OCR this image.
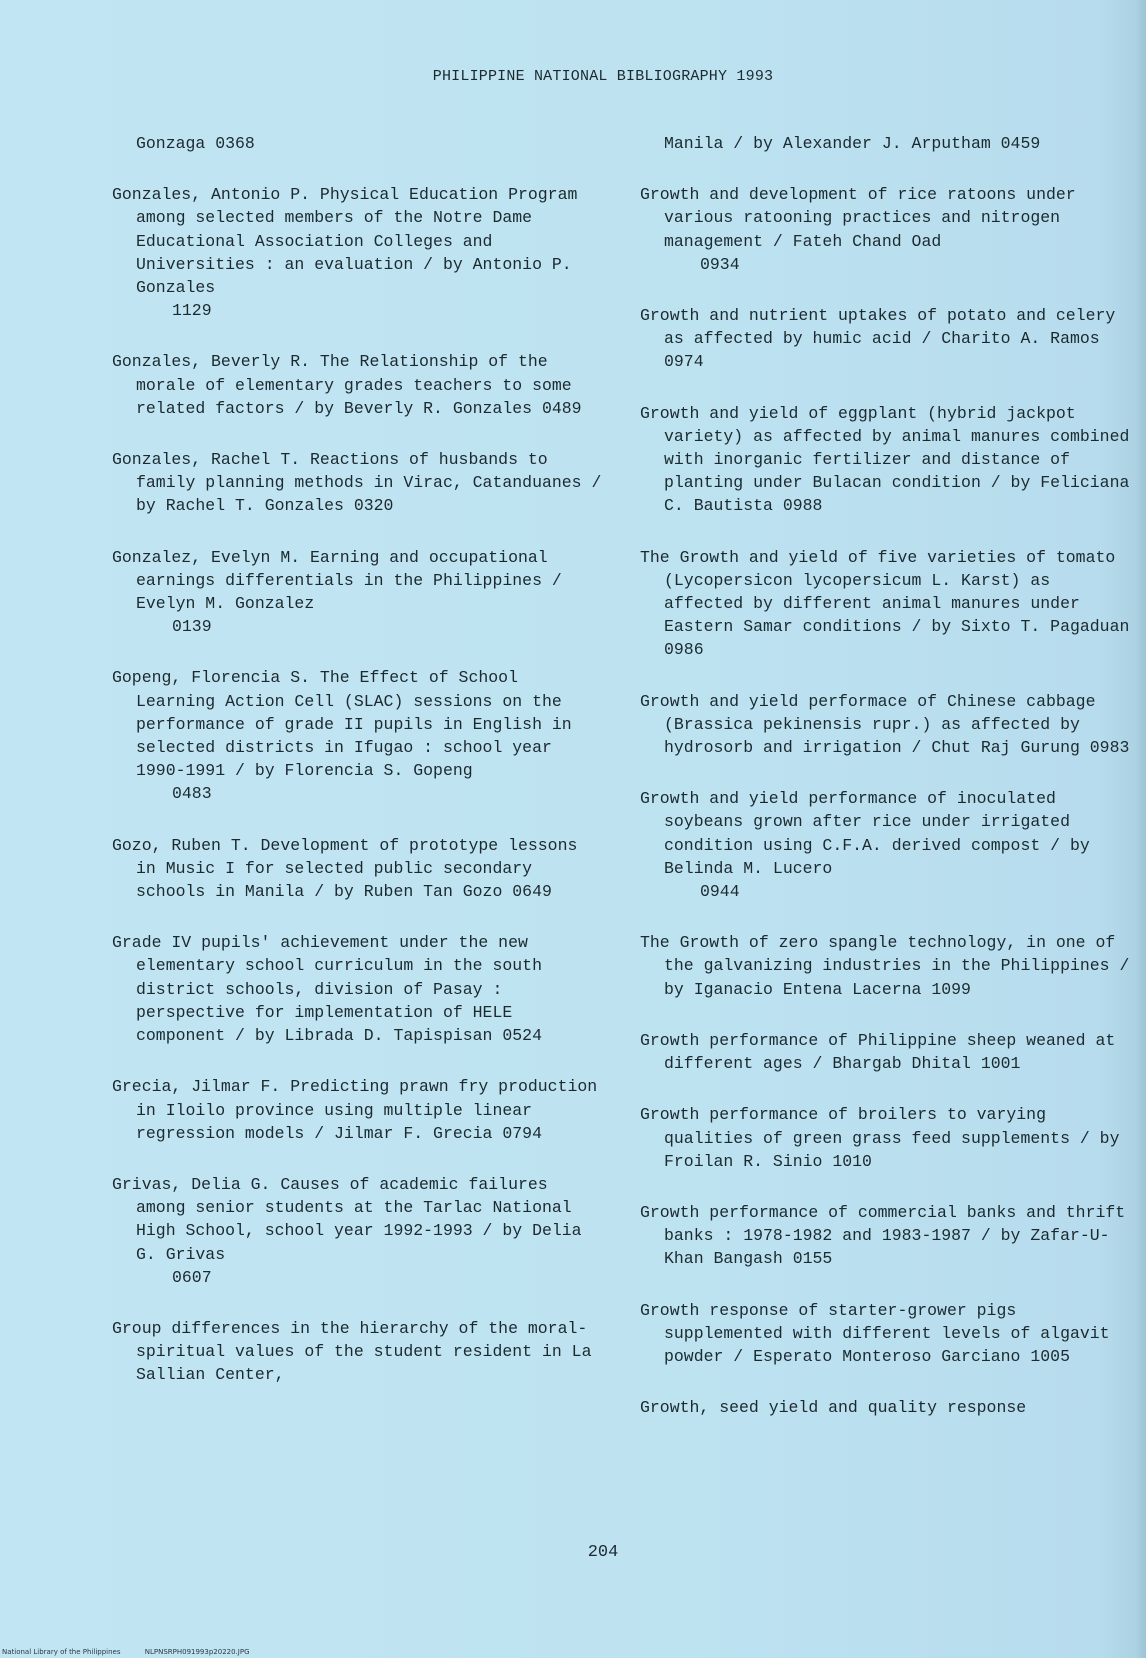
PHILIPPINE NATIONAL BIBLIOGRAPHY 1993
Gonzaga 0368
Gonzales, Antonio P. Physical Education Program among selected members of the Notre Dame Educational Association Colleges and Universities : an evaluation / by Antonio P. Gonzales
1129
Gonzales, Beverly R. The Relationship of the morale of elementary grades teachers to some related factors / by Beverly R. Gonzales 0489
Gonzales, Rachel T. Reactions of husbands to family planning methods in Virac, Catanduanes / by Rachel T. Gonzales 0320
Gonzalez, Evelyn M. Earning and occupational earnings differentials in the Philippines / Evelyn M. Gonzalez
0139
Gopeng, Florencia S. The Effect of School Learning Action Cell (SLAC) sessions on the performance of grade II pupils in English in selected districts in Ifugao : school year 1990-1991 / by Florencia S. Gopeng
0483
Gozo, Ruben T. Development of prototype lessons in Music I for selected public secondary schools in Manila / by Ruben Tan Gozo 0649
Grade IV pupils' achievement under the new elementary school curriculum in the south district schools, division of Pasay : perspective for implementation of HELE component / by Librada D. Tapispisan 0524
Grecia, Jilmar F. Predicting prawn fry production in Iloilo province using multiple linear regression models / Jilmar F. Grecia 0794
Grivas, Delia G. Causes of academic failures among senior students at the Tarlac National High School, school year 1992-1993 / by Delia G. Grivas
0607
Group differences in the hierarchy of the moral-spiritual values of the student resident in La Sallian Center,
Manila / by Alexander J. Arputham 0459
Growth and development of rice ratoons under various ratooning practices and nitrogen management / Fateh Chand Oad
0934
Growth and nutrient uptakes of potato and celery as affected by humic acid / Charito A. Ramos 0974
Growth and yield of eggplant (hybrid jackpot variety) as affected by animal manures combined with inorganic fertilizer and distance of planting under Bulacan condition / by Feliciana C. Bautista 0988
The Growth and yield of five varieties of tomato (Lycopersicon lycopersicum L. Karst) as affected by different animal manures under Eastern Samar conditions / by Sixto T. Pagaduan 0986
Growth and yield performace of Chinese cabbage (Brassica pekinensis rupr.) as affected by hydrosorb and irrigation / Chut Raj Gurung 0983
Growth and yield performance of inoculated soybeans grown after rice under irrigated condition using C.F.A. derived compost / by Belinda M. Lucero
0944
The Growth of zero spangle technology, in one of the galvanizing industries in the Philippines / by Iganacio Entena Lacerna 1099
Growth performance of Philippine sheep weaned at different ages / Bhargab Dhital 1001
Growth performance of broilers to varying qualities of green grass feed supplements / by Froilan R. Sinio 1010
Growth performance of commercial banks and thrift banks : 1978-1982 and 1983-1987 / by Zafar-U-Khan Bangash 0155
Growth response of starter-grower pigs supplemented with different levels of algavit powder / Esperato Monteroso Garciano 1005
Growth, seed yield and quality response
204
National Library of the Philippines	NLPNSRPH091993p20220.JPG
